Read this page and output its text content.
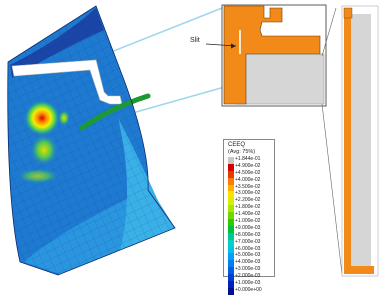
Slit
CEEQ
(Avg: 75%)
+1.844e-01
+4.900e-02
+4.500e-02
+4.000e-02
+3.500e-02
+3.000e-02
+2.200e-02
+1.800e-02
+1.400e-02
+1.000e-02
+9.000e-03
+8.000e-03
+7.000e-03
+6.000e-03
+5.000e-03
+4.000e-03
+3.000e-03
+2.000e-03
+1.000e-03
+0.000e+00
